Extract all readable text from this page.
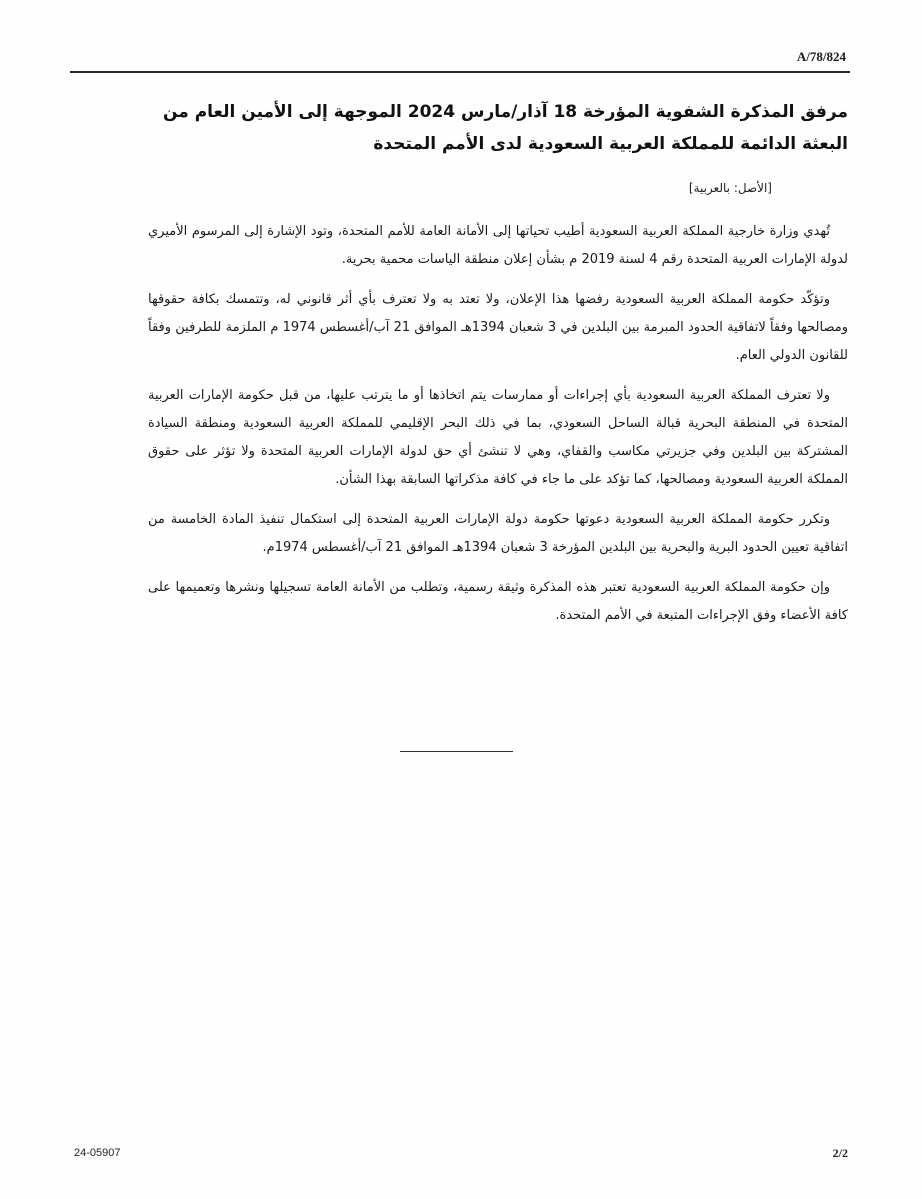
A/78/824
مرفق المذكرة الشفوية المؤرخة 18 آذار/مارس 2024 الموجهة إلى الأمين العام من البعثة الدائمة للمملكة العربية السعودية لدى الأمم المتحدة
[الأصل: بالعربية]

تُهدي وزارة خارجية المملكة العربية السعودية أطيب تحياتها إلى الأمانة العامة للأمم المتحدة، وتود الإشارة إلى المرسوم الأميري لدولة الإمارات العربية المتحدة رقم 4 لسنة 2019 م بشأن إعلان منطقة الياسات محمية بحرية.

وتؤكّد حكومة المملكة العربية السعودية رفضها هذا الإعلان، ولا تعتد به ولا تعترف بأي أثر قانوني له، وتتمسك بكافة حقوقها ومصالحها وفقاً لاتفاقية الحدود المبرمة بين البلدين في 3 شعبان 1394هـ الموافق 21 آب/أغسطس 1974 م الملزمة للطرفين وفقاً للقانون الدولي العام.

ولا تعترف المملكة العربية السعودية بأي إجراءات أو ممارسات يتم اتخاذها أو ما يترتب عليها، من قبل حكومة الإمارات العربية المتحدة في المنطقة البحرية قبالة الساحل السعودي، بما في ذلك البحر الإقليمي للمملكة العربية السعودية ومنطقة السيادة المشتركة بين البلدين وفي جزيرتي مكاسب والقفاي، وهي لا تنشئ أي حق لدولة الإمارات العربية المتحدة ولا تؤثر على حقوق المملكة العربية السعودية ومصالحها، كما تؤكد على ما جاء في كافة مذكراتها السابقة بهذا الشأن.

وتكرر حكومة المملكة العربية السعودية دعوتها حكومة دولة الإمارات العربية المتحدة إلى استكمال تنفيذ المادة الخامسة من اتفاقية تعيين الحدود البرية والبحرية بين البلدين المؤرخة 3 شعبان 1394هـ الموافق 21 آب/أغسطس 1974م.

وإن حكومة المملكة العربية السعودية تعتبر هذه المذكرة وثيقة رسمية، وتطلب من الأمانة العامة تسجيلها ونشرها وتعميمها على كافة الأعضاء وفق الإجراءات المتبعة في الأمم المتحدة.

24-05907	2/2
